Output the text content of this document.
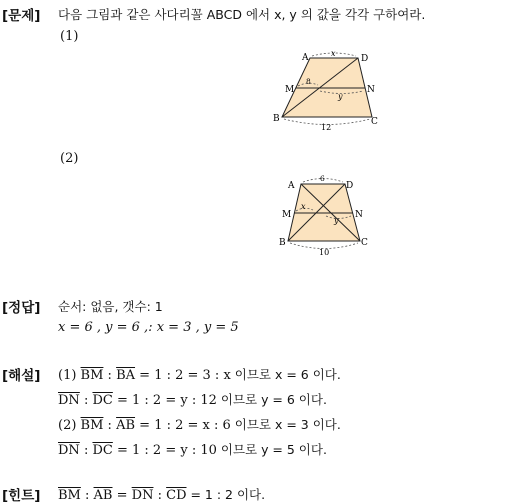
[문제] 다음 그림과 같은 사다리꼴 ABCD 에서 x, y 의 값을 각각 구하여라.
(1)
A	D
M	N
B	C
x
8
y
12
(2)
A	D
M	N
B	C
6
x
y
10
[정답] 순서: 없음, 갯수: 1
x = 6 , y = 6 ,: x = 3 , y = 5
[해설] (1) $\overline{BM}$ : $\overline{BA} = 1$ : 2 = 3 : x 이므로 x = 6 이다.
$\overline{DN}$ : $\overline{DC} = 1$ : 2 = y : 12 이므로 y = 6 이다.
(2) $\overline{BM}$ : $\overline{AB} = 1$ : 2 = x : 6 이므로 x = 3 이다.
$\overline{DN}$ : $\overline{DC} = 1$ : 2 = y : 10 이므로 y = 5 이다.
[힌트] $\overline{BM}$ : $\overline{AB} = \overline{DN}$ : $\overline{CD} = 1$ : 2 이다.
